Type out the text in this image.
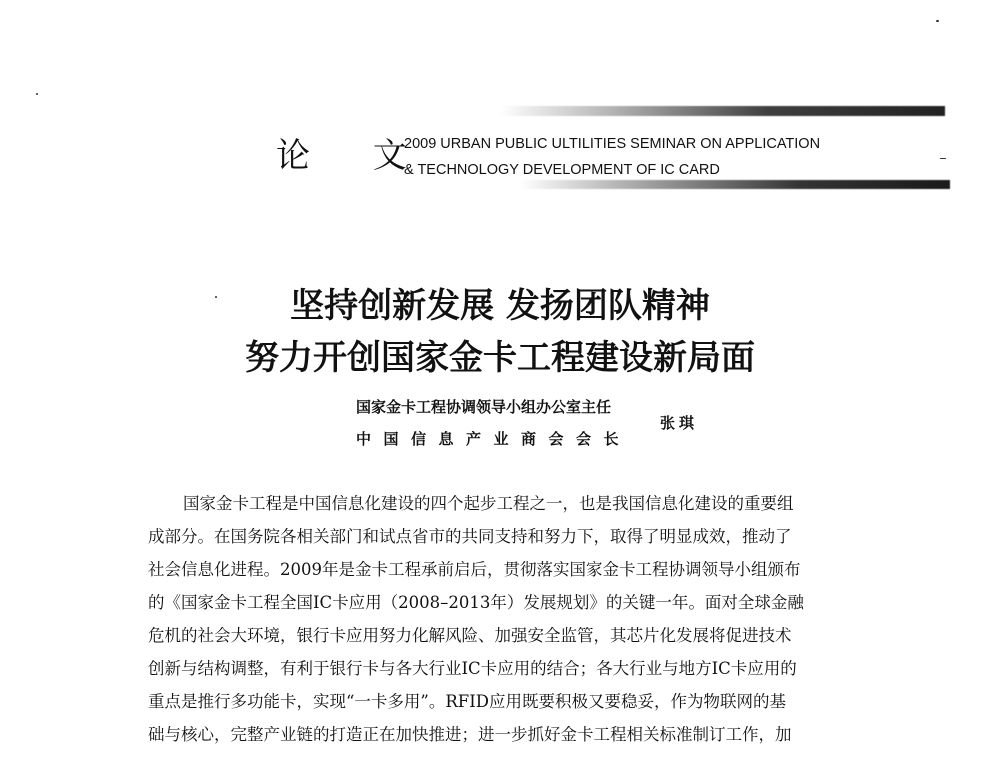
论 文
2009 URBAN PUBLIC ULTILITIES SEMINAR ON APPLICATION
& TECHNOLOGY DEVELOPMENT OF IC CARD
坚持创新发展 发扬团队精神
努力开创国家金卡工程建设新局面
国家金卡工程协调领导小组办公室主任
中国信息产业商会会长
张琪
国家金卡工程是中国信息化建设的四个起步工程之一，也是我国信息化建设的重要组
成部分。在国务院各相关部门和试点省市的共同支持和努力下，取得了明显成效，推动了
社会信息化进程。2009年是金卡工程承前启后，贯彻落实国家金卡工程协调领导小组颁布
的《国家金卡工程全国IC卡应用（2008–2013年）发展规划》的关键一年。面对全球金融
危机的社会大环境，银行卡应用努力化解风险、加强安全监管，其芯片化发展将促进技术
创新与结构调整，有利于银行卡与各大行业IC卡应用的结合；各大行业与地方IC卡应用的
重点是推行多功能卡，实现“一卡多用”。RFID应用既要积极又要稳妥，作为物联网的基
础与核心，完整产业链的打造正在加快推进；进一步抓好金卡工程相关标准制订工作，加
